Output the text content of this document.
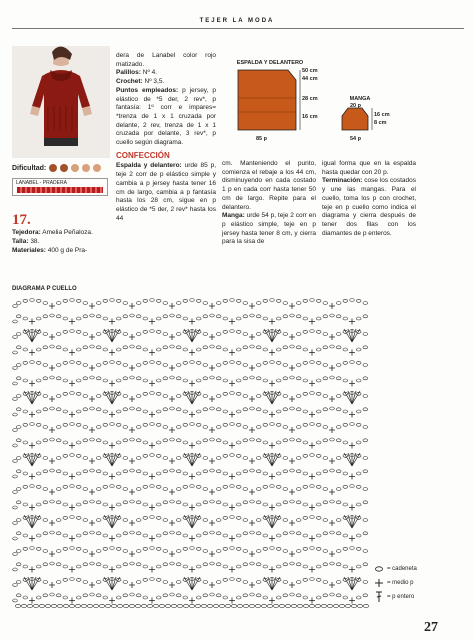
TEJER LA MODA
Dificultad:
LANABEL - PRADERA
17.
Tejedora: Amelia Peñaloza.
Talla: 38.
Materiales: 400 g de Pra-
dera de Lanabel color rojo matizado.
Palillos: Nº 4.
Crochet: Nº 3,5.
Puntos empleados: p jersey, p elástico de *5 der, 2 rev*, p fantasía: 1º corr e impares= *trenza de 1 x 1 cruzada por delante, 2 rev, trenza de 1 x 1 cruzada por delante, 3 rev*, p cuello según diagrama.
CONFECCIÓN
Espalda y delantero: urde 85 p, teje 2 corr de p elástico simple y cambia a p jersey hasta tener 16 cm de largo, cambia a p fantasía hasta los 28 cm, sigue en p elástico de *5 der, 2 rev* hasta los 44
ESPALDA Y DELANTERO
50 cm
44 cm
28 cm
16 cm
85 p
MANGA
20 p
16 cm
8 cm
54 p
cm. Manteniendo el punto, comienza el rebaje a los 44 cm, disminuyendo en cada costado 1 p en cada corr hasta tener 50 cm de largo. Repite para el delantero.
Manga: urde 54 p, teje 2 corr en p elástico simple, teje en p jersey hasta tener 8 cm, y cierra para la sisa de
igual forma que en la espalda hasta quedar con 20 p.
Terminación: cose los costados y une las mangas. Para el cuello, toma los p con crochet, teje en p cuello como indica el diagrama y cierra después de tener dos filas con los diamantes de p enteros.
DIAGRAMA P CUELLO
= cadeneta
= medio p
= p entero
27
